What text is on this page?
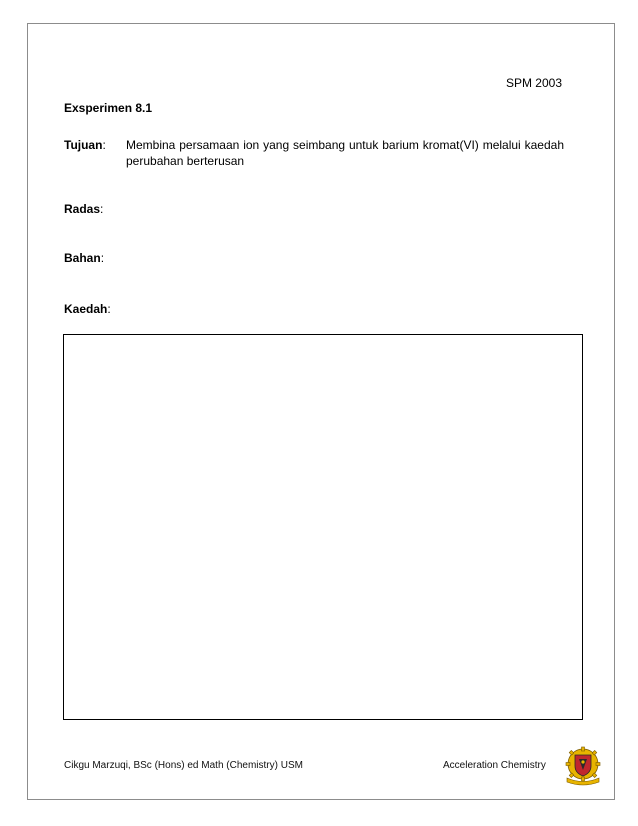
SPM 2003
Exsperimen 8.1
Tujuan:	Membina persamaan ion yang seimbang untuk barium kromat(VI) melalui kaedah perubahan berterusan
Radas:
Bahan:
Kaedah:
Cikgu Marzuqi, BSc (Hons) ed Math (Chemistry) USM	Acceleration Chemistry
